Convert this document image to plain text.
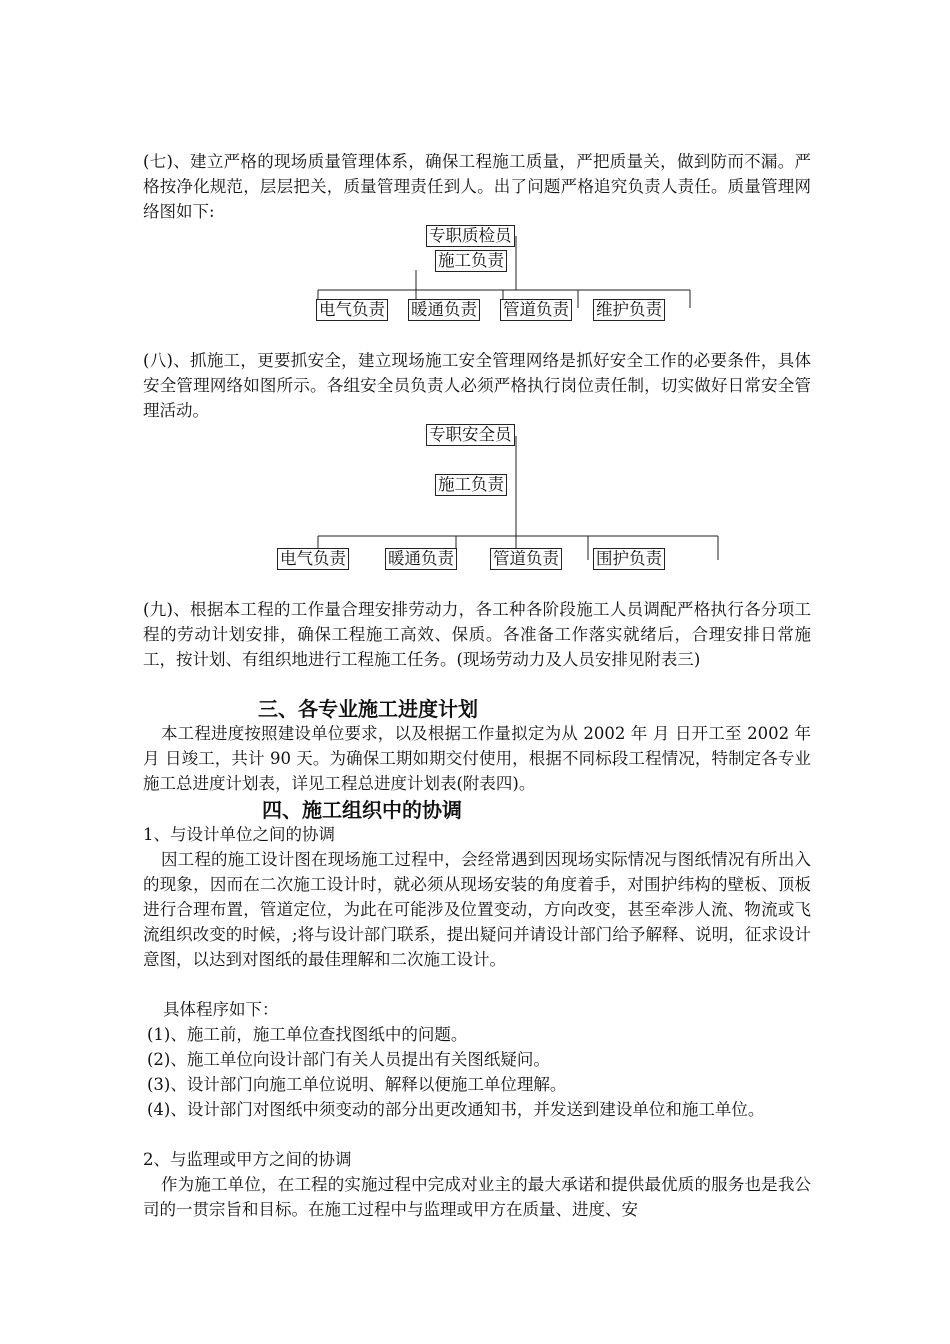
(七)、建立严格的现场质量管理体系，确保工程施工质量，严把质量关，做到防而不漏。严格按净化规范，层层把关，质量管理责任到人。出了问题严格追究负责人责任。质量管理网络图如下:

专职质检员
施工负责
电气负责 暖通负责 管道负责 维护负责

(八)、抓施工，更要抓安全，建立现场施工安全管理网络是抓好安全工作的必要条件，具体安全管理网络如图所示。各组安全员负责人必须严格执行岗位责任制，切实做好日常安全管理活动。

专职安全员
施工负责
电气负责	暖通负责 管道负责 围护负责

(九)、根据本工程的工作量合理安排劳动力，各工种各阶段施工人员调配严格执行各分项工程的劳动计划安排，确保工程施工高效、保质。各准备工作落实就绪后，合理安排日常施工，按计划、有组织地进行工程施工任务。(现场劳动力及人员安排见附表三)

三、各专业施工进度计划

本工程进度按照建设单位要求，以及根据工作量拟定为从 2002 年 月 日开工至 2002 年 月 日竣工，共计 90 天。为确保工期如期交付使用，根据不同标段工程情况，特制定各专业施工总进度计划表，详见工程总进度计划表(附表四)。

四、施工组织中的协调

1、与设计单位之间的协调

因工程的施工设计图在现场施工过程中，会经常遇到因现场实际情况与图纸情况有所出入的现象，因而在二次施工设计时，就必须从现场安装的角度着手，对围护纬构的壁板、顶板进行合理布置，管道定位，为此在可能涉及位置变动，方向改变，甚至牵涉人流、物流或飞流组织改变的时候，;将与设计部门联系，提出疑问并请设计部门给予解释、说明，征求设计意图，以达到对图纸的最佳理解和二次施工设计。

具体程序如下：

(1)、施工前，施工单位查找图纸中的问题。

(2)、施工单位向设计部门有关人员提出有关图纸疑问。

(3)、设计部门向施工单位说明、解释以便施工单位理解。

(4)、设计部门对图纸中须变动的部分出更改通知书，并发送到建设单位和施工单位。

2、与监理或甲方之间的协调

作为施工单位，在工程的实施过程中完成对业主的最大承诺和提供最优质的服务也是我公司的一贯宗旨和目标。在施工过程中与监理或甲方在质量、进度、安
